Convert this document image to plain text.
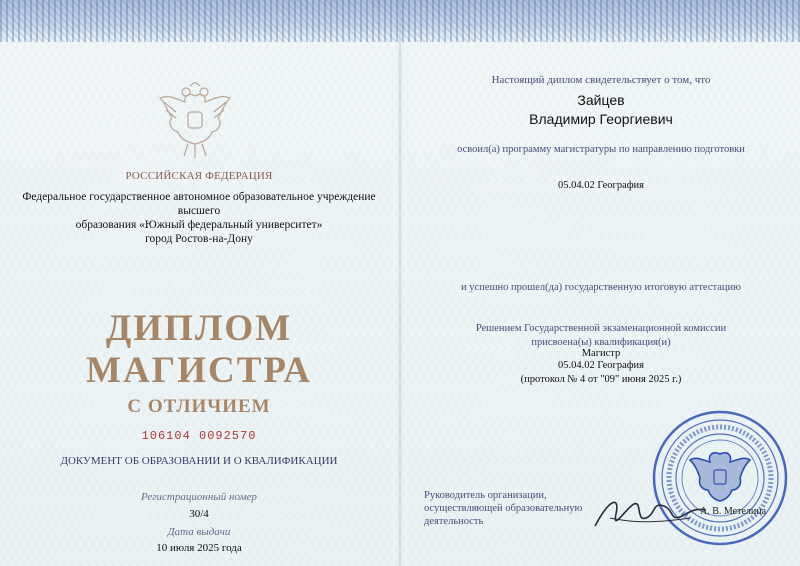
РОССИЙСКАЯ ФЕДЕРАЦИЯ
Федеральное государственное автономное образовательное учреждение высшего
образования «Южный федеральный университет»
город Ростов-на-Дону
ДИПЛОМ
МАГИСТРА
С ОТЛИЧИЕМ
106104 0092570
ДОКУМЕНТ ОБ ОБРАЗОВАНИИ И О КВАЛИФИКАЦИИ
Регистрационный номер
30/4
Дата выдачи
10 июля 2025 года
Настоящий диплом свидетельствует о том, что
Зайцев
Владимир Георгиевич
освоил(а) программу магистратуры по направлению подготовки
05.04.02 География
и успешно прошел(да) государственную итоговую аттестацию
Решением Государственной экзаменационной комиссии
присвоена(ы) квалификация(и)
Магистр
05.04.02 География
(протокол № 4 от "09" июня 2025 г.)
Руководитель организации,
осуществляющей образовательную
деятельность
А. В. Метелица
